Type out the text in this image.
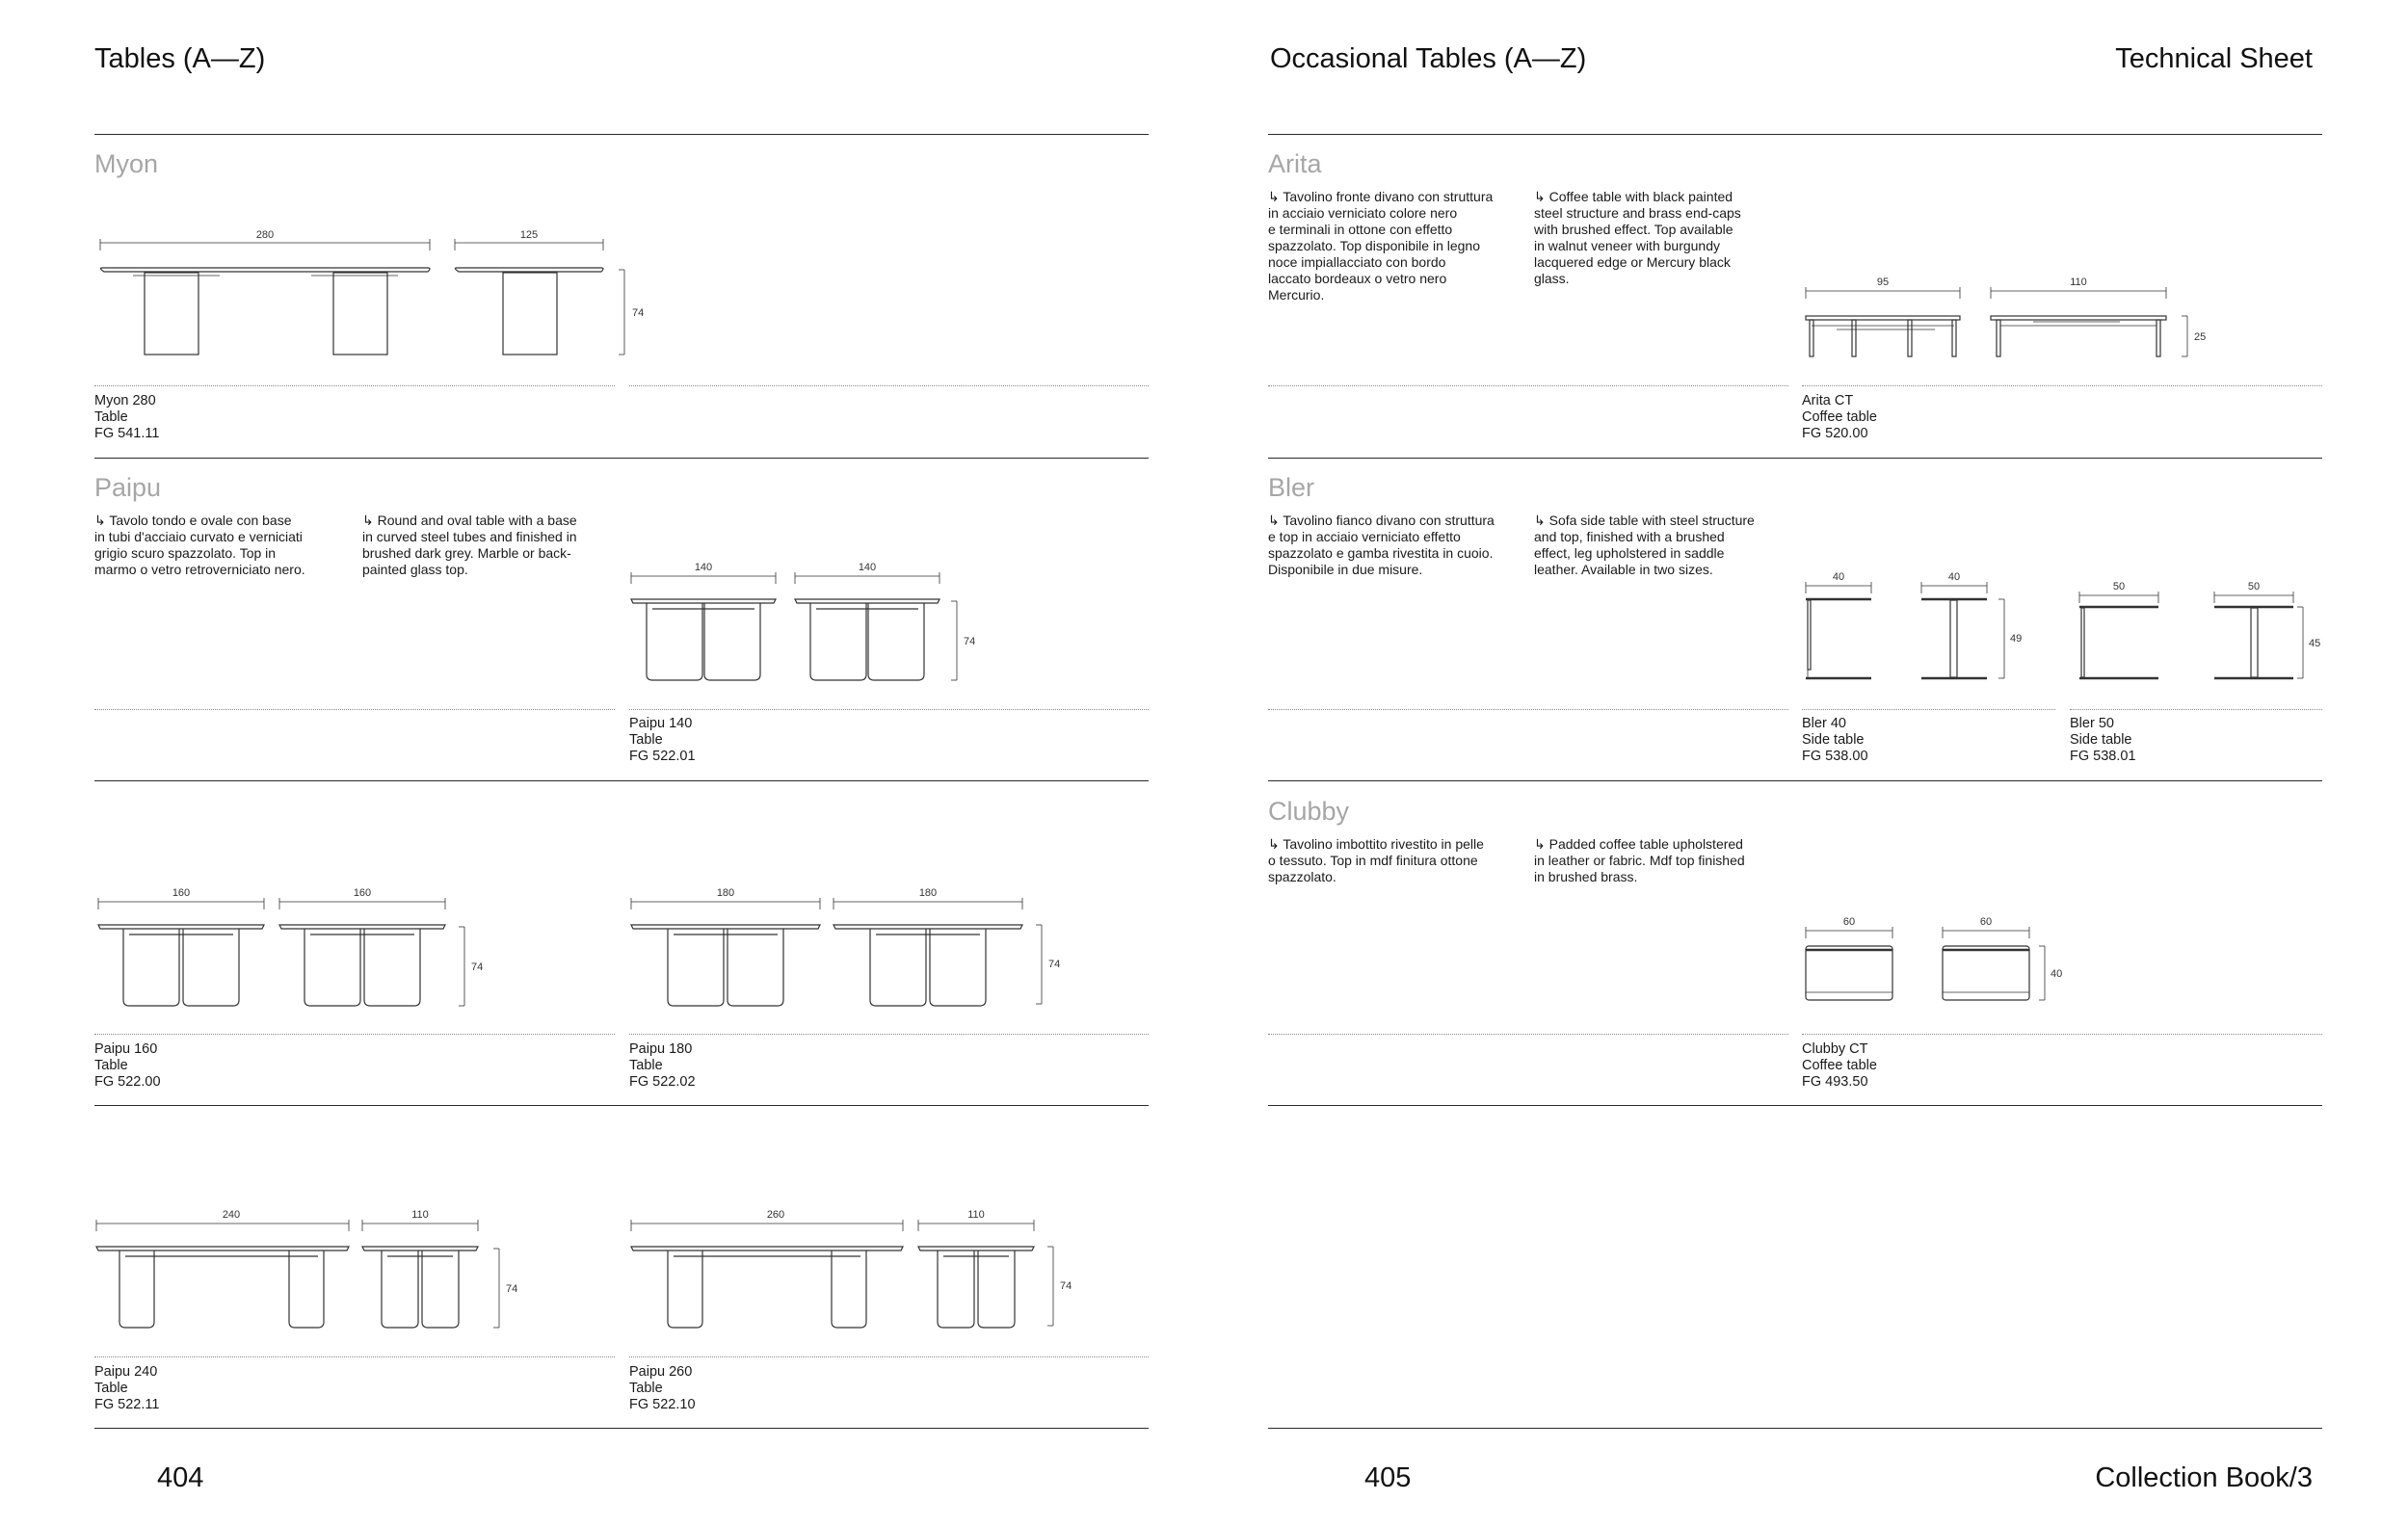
Tables (A—Z)	Occasional Tables (A—Z)	Technical Sheet
404	405	Collection Book/3
Myon
280	125
74
Myon 280
Table
FG 541.11
Paipu
↳ Tavolo tondo e ovale con base
in tubi d'acciaio curvato e verniciati
grigio scuro spazzolato. Top in
marmo o vetro retroverniciato nero.
↳ Round and oval table with a base
in curved steel tubes and finished in
brushed dark grey. Marble or back-
painted glass top.	140	140
74
Paipu 140
Table
FG 522.01
160	160
74
Paipu 160
Table
FG 522.00
180	180
74
Paipu 180
Table
FG 522.02
240	110
74
Paipu 240
Table
FG 522.11
260	110
74
Paipu 260
Table
FG 522.10
Arita
↳ Tavolino fronte divano con struttura
in acciaio verniciato colore nero
e terminali in ottone con effetto
spazzolato. Top disponibile in legno
noce impiallacciato con bordo
laccato bordeaux o vetro nero
Mercurio.
↳ Coffee table with black painted
steel structure and brass end-caps
with brushed effect. Top available
in walnut veneer with burgundy
lacquered edge or Mercury black
glass.	95	110
25
Arita CT
Coffee table
FG 520.00
Bler
↳ Tavolino fianco divano con struttura
e top in acciaio verniciato effetto
spazzolato e gamba rivestita in cuoio.
Disponibile in due misure.
↳ Sofa side table with steel structure
and top, finished with a brushed
effect, leg upholstered in saddle
leather. Available in two sizes.	40	40
49
Bler 40
Side table
FG 538.00
50	50
45
Bler 50
Side table
FG 538.01
Clubby
↳ Tavolino imbottito rivestito in pelle
o tessuto. Top in mdf finitura ottone
spazzolato.
↳ Padded coffee table upholstered
in leather or fabric. Mdf top finished
in brushed brass.
60	60
40
Clubby CT
Coffee table
FG 493.50
